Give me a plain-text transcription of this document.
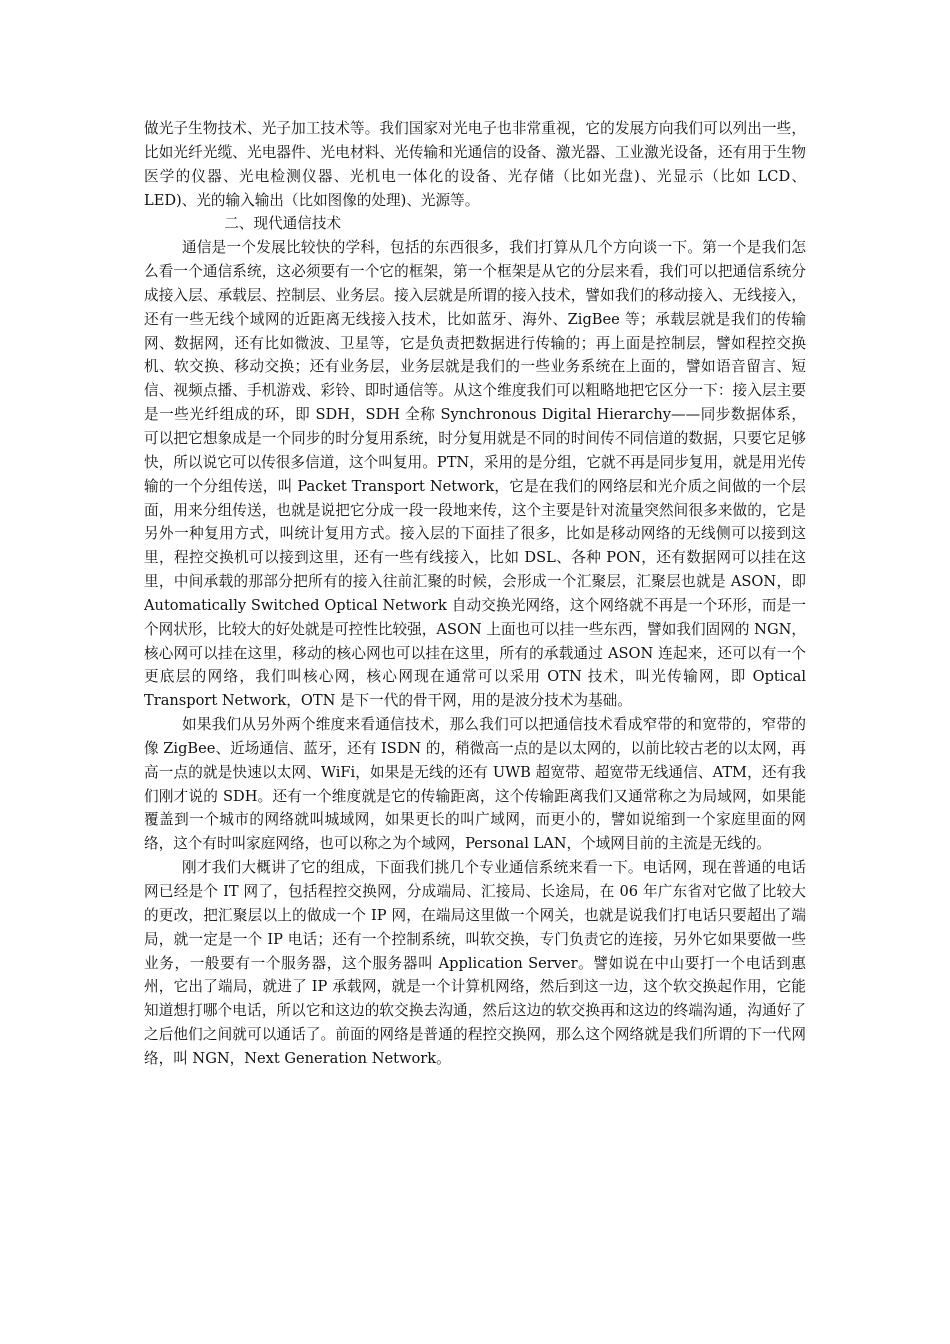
做光子生物技术、光子加工技术等。我们国家对光电子也非常重视，它的发展方向我们可以列出一些，比如光纤光缆、光电器件、光电材料、光传输和光通信的设备、激光器、工业激光设备，还有用于生物医学的仪器、光电检测仪器、光机电一体化的设备、光存储（比如光盘)、光显示（比如 LCD、LED)、光的输入输出（比如图像的处理)、光源等。

二、现代通信技术

通信是一个发展比较快的学科，包括的东西很多，我们打算从几个方向谈一下。第一个是我们怎么看一个通信系统，这必须要有一个它的框架，第一个框架是从它的分层来看，我们可以把通信系统分成接入层、承载层、控制层、业务层。接入层就是所谓的接入技术，譬如我们的移动接入、无线接入，还有一些无线个域网的近距离无线接入技术，比如蓝牙、海外、ZigBee 等；承载层就是我们的传输网、数据网，还有比如微波、卫星等，它是负责把数据进行传输的；再上面是控制层，譬如程控交换机、软交换、移动交换；还有业务层，业务层就是我们的一些业务系统在上面的，譬如语音留言、短信、视频点播、手机游戏、彩铃、即时通信等。从这个维度我们可以粗略地把它区分一下：接入层主要是一些光纤组成的环，即 SDH，SDH 全称 Synchronous Digital Hierarchy——同步数据体系，可以把它想象成是一个同步的时分复用系统，时分复用就是不同的时间传不同信道的数据，只要它足够快，所以说它可以传很多信道，这个叫复用。PTN，采用的是分组，它就不再是同步复用，就是用光传输的一个分组传送，叫 Packet Transport Network，它是在我们的网络层和光介质之间做的一个层面，用来分组传送，也就是说把它分成一段一段地来传，这个主要是针对流量突然间很多来做的，它是另外一种复用方式，叫统计复用方式。接入层的下面挂了很多，比如是移动网络的无线侧可以接到这里，程控交换机可以接到这里，还有一些有线接入，比如 DSL、各种 PON，还有数据网可以挂在这里，中间承载的那部分把所有的接入往前汇聚的时候，会形成一个汇聚层，汇聚层也就是 ASON，即 Automatically Switched Optical Network 自动交换光网络，这个网络就不再是一个环形，而是一个网状形，比较大的好处就是可控性比较强，ASON 上面也可以挂一些东西，譬如我们固网的 NGN，核心网可以挂在这里，移动的核心网也可以挂在这里，所有的承载通过 ASON 连起来，还可以有一个更底层的网络，我们叫核心网，核心网现在通常可以采用 OTN 技术，叫光传输网，即 Optical Transport Network，OTN 是下一代的骨干网，用的是波分技术为基础。

如果我们从另外两个维度来看通信技术，那么我们可以把通信技术看成窄带的和宽带的，窄带的像 ZigBee、近场通信、蓝牙，还有 ISDN 的，稍微高一点的是以太网的，以前比较古老的以太网，再高一点的就是快速以太网、WiFi，如果是无线的还有 UWB 超宽带、超宽带无线通信、ATM，还有我们刚才说的 SDH。还有一个维度就是它的传输距离，这个传输距离我们又通常称之为局域网，如果能覆盖到一个城市的网络就叫城域网，如果更长的叫广域网，而更小的，譬如说缩到一个家庭里面的网络，这个有时叫家庭网络，也可以称之为个域网，Personal LAN，个域网目前的主流是无线的。

刚才我们大概讲了它的组成，下面我们挑几个专业通信系统来看一下。电话网，现在普通的电话网已经是个 IT 网了，包括程控交换网，分成端局、汇接局、长途局，在 06 年广东省对它做了比较大的更改，把汇聚层以上的做成一个 IP 网，在端局这里做一个网关，也就是说我们打电话只要超出了端局，就一定是一个 IP 电话；还有一个控制系统，叫软交换，专门负责它的连接，另外它如果要做一些业务，一般要有一个服务器，这个服务器叫 Application Server。譬如说在中山要打一个电话到惠州，它出了端局，就进了 IP 承载网，就是一个计算机网络，然后到这一边，这个软交换起作用，它能知道想打哪个电话，所以它和这边的软交换去沟通，然后这边的软交换再和这边的终端沟通，沟通好了之后他们之间就可以通话了。前面的网络是普通的程控交换网，那么这个网络就是我们所谓的下一代网络，叫 NGN，Next Generation Network。
